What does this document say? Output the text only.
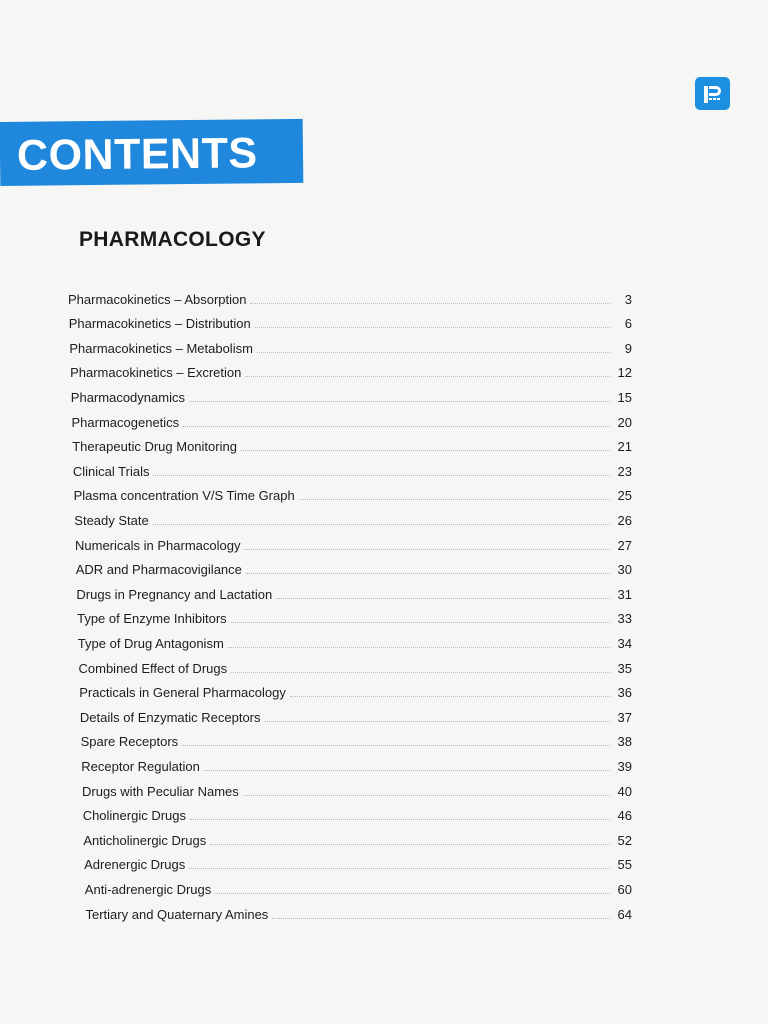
CONTENTS
PHARMACOLOGY
Pharmacokinetics – Absorption	3
Pharmacokinetics – Distribution	6
Pharmacokinetics – Metabolism	9
Pharmacokinetics – Excretion	12
Pharmacodynamics	15
Pharmacogenetics	20
Therapeutic Drug Monitoring	21
Clinical Trials	23
Plasma concentration V/S Time Graph	25
Steady State	26
Numericals in Pharmacology	27
ADR and Pharmacovigilance	30
Drugs in Pregnancy and Lactation	31
Type of Enzyme Inhibitors	33
Type of Drug Antagonism	34
Combined Effect of Drugs	35
Practicals in General Pharmacology	36
Details of Enzymatic Receptors	37
Spare Receptors	38
Receptor Regulation	39
Drugs with Peculiar Names	40
Cholinergic Drugs	46
Anticholinergic Drugs	52
Adrenergic Drugs	55
Anti-adrenergic Drugs	60
Tertiary and Quaternary Amines	64
